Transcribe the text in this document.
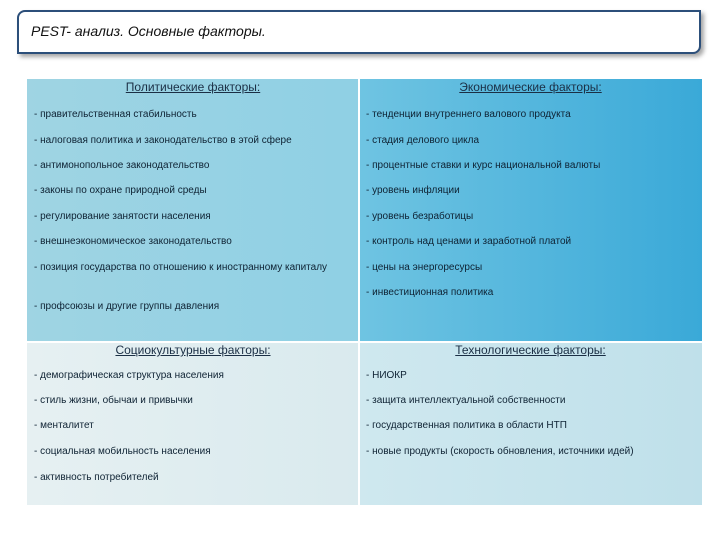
PEST- анализ. Основные факторы.
Политические факторы:
- правительственная стабильность
- налоговая политика и законодательство в этой сфере
- антимонопольное законодательство
- законы по охране природной среды
- регулирование занятости населения
- внешнеэкономическое законодательство
- позиция государства по отношению к иностранному капиталу
- профсоюзы и другие группы давления
Экономические факторы:
- тенденции внутреннего валового продукта
- стадия делового цикла
- процентные ставки и курс национальной валюты
- уровень инфляции
- уровень безработицы
- контроль над ценами и заработной платой
- цены на энергоресурсы
- инвестиционная политика
Социокультурные факторы:
- демографическая структура населения
- стиль жизни, обычаи и привычки
- менталитет
- социальная мобильность населения
- активность потребителей
Технологические факторы:
- НИОКР
- защита интеллектуальной собственности
- государственная политика в области НТП
- новые продукты (скорость обновления, источники идей)
